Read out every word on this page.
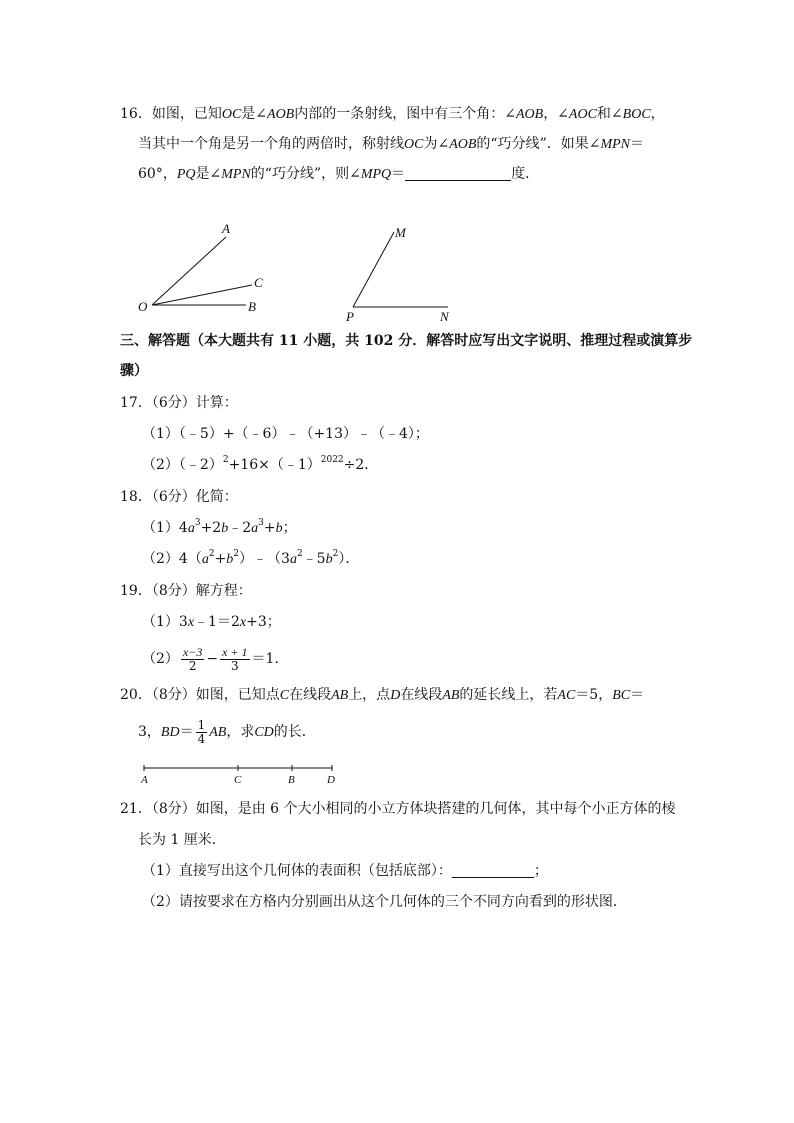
16．如图，已知OC是∠AOB内部的一条射线，图中有三个角：∠AOB，∠AOC和∠BOC，
当其中一个角是另一个角的两倍时，称射线OC为∠AOB的“巧分线”．如果∠MPN＝
60°，PQ是∠MPN的“巧分线”，则∠MPQ＝	度．
A
C
O	B
M
P	N
三、解答题（本大题共有 11 小题，共 102 分．解答时应写出文字说明、推理过程或演算步
骤）
17．（6分）计算：
（1）（﹣5）+（﹣6）﹣（+13）﹣（﹣4）；
（2）（﹣2）$^2$+16×（﹣1）$^{2022}$÷2．
18．（6分）化简：
$(1)4a^3+2b﹣2a^3+b$；
$(2)4(a^2+b^2)﹣(3a^2﹣5b^2)$．
19．（8分）解方程：
（1）3x﹣1＝2x+3；
$(2) \frac{x-3}{2} - \frac{x + 1}{3} =1$．
20．（8分）如图，已知点C在线段AB上，点D在线段AB的延长线上，若AC＝5，BC＝
3，$BD= \frac{1}{4}$ AB，求CD的长．
A	C	B	D
21．（8分）如图，是由 6 个大小相同的小立方体块搭建的几何体，其中每个小正方体的棱
长为 1 厘米．
（1）直接写出这个几何体的表面积（包括底部）：	；
（2）请按要求在方格内分别画出从这个几何体的三个不同方向看到的形状图．
